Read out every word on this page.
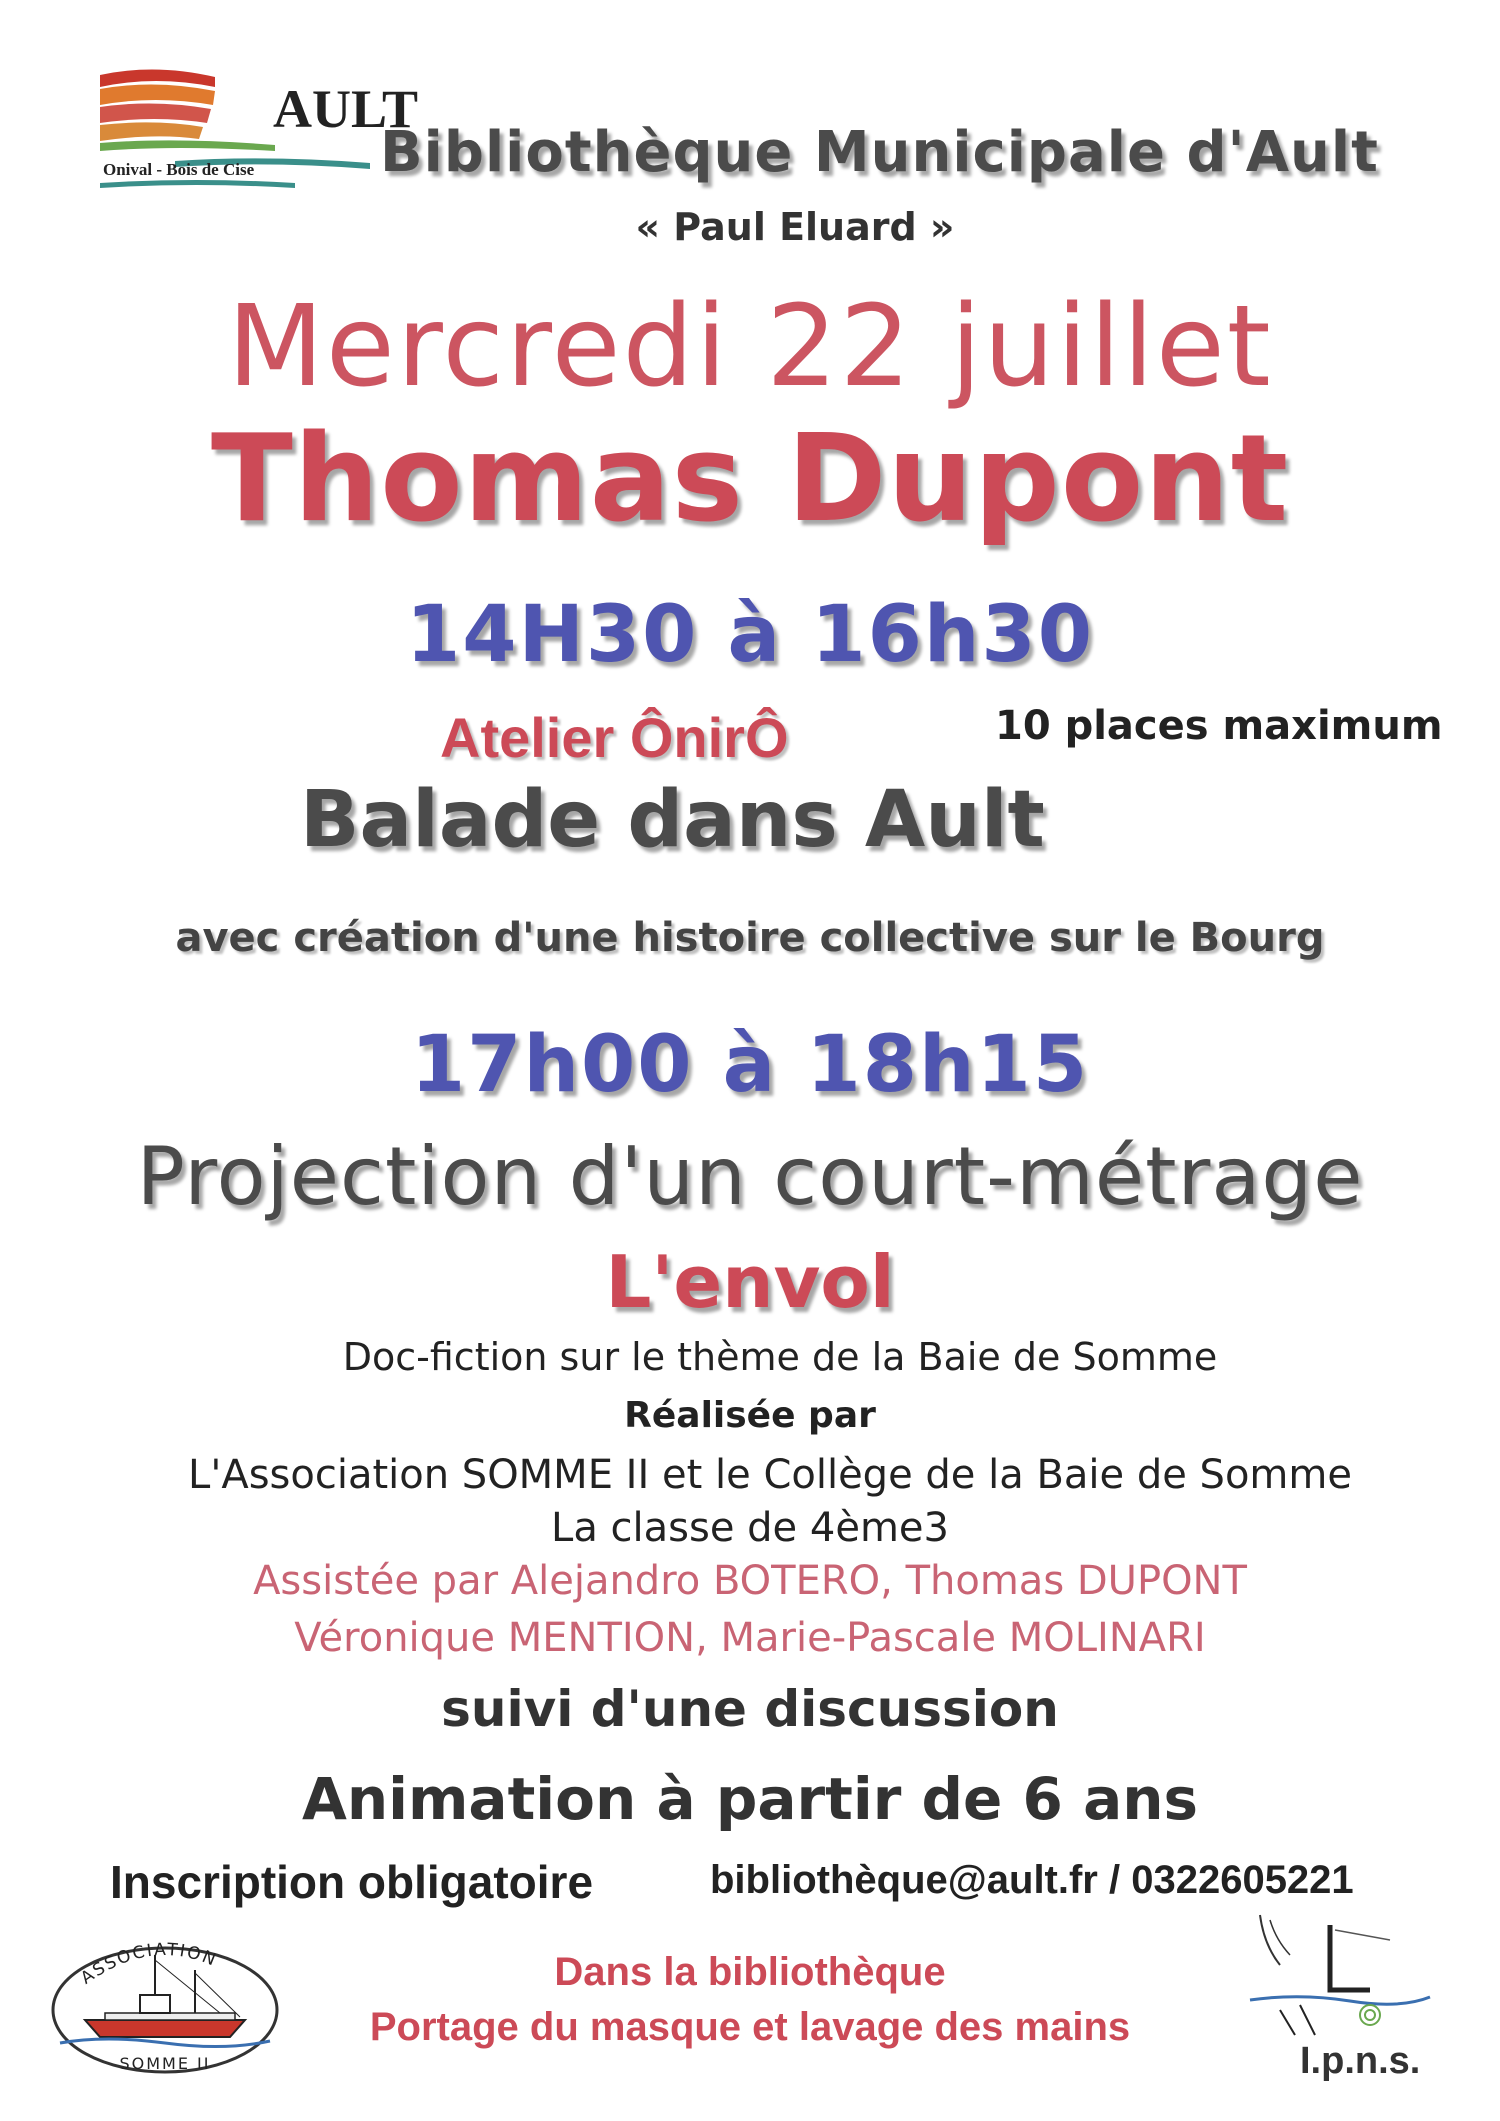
AULT
Onival - Bois de Cise Bibliothèque Municipale d'Ault
« Paul Eluard »
Mercredi 22 juillet
Thomas Dupont
14H30 à 16h30
Atelier ÔnirÔ	10 places maximum
Balade dans Ault
avec création d'une histoire collective sur le Bourg
17h00 à 18h15
Projection d'un court-métrage
L'envol
Doc-fiction sur le thème de la Baie de Somme
Réalisée par
L'Association SOMME II et le Collège de la Baie de Somme
La classe de 4ème3
Assistée par Alejandro BOTERO, Thomas DUPONT
Véronique MENTION, Marie-Pascale MOLINARI
suivi d'une discussion
Animation à partir de 6 ans
Inscription obligatoire	bibliothèque@ault.fr / 0322605221
ASSOCIATION
SOMME II
Dans la bibliothèque
Portage du masque et lavage des mains
I.p.n.s.
